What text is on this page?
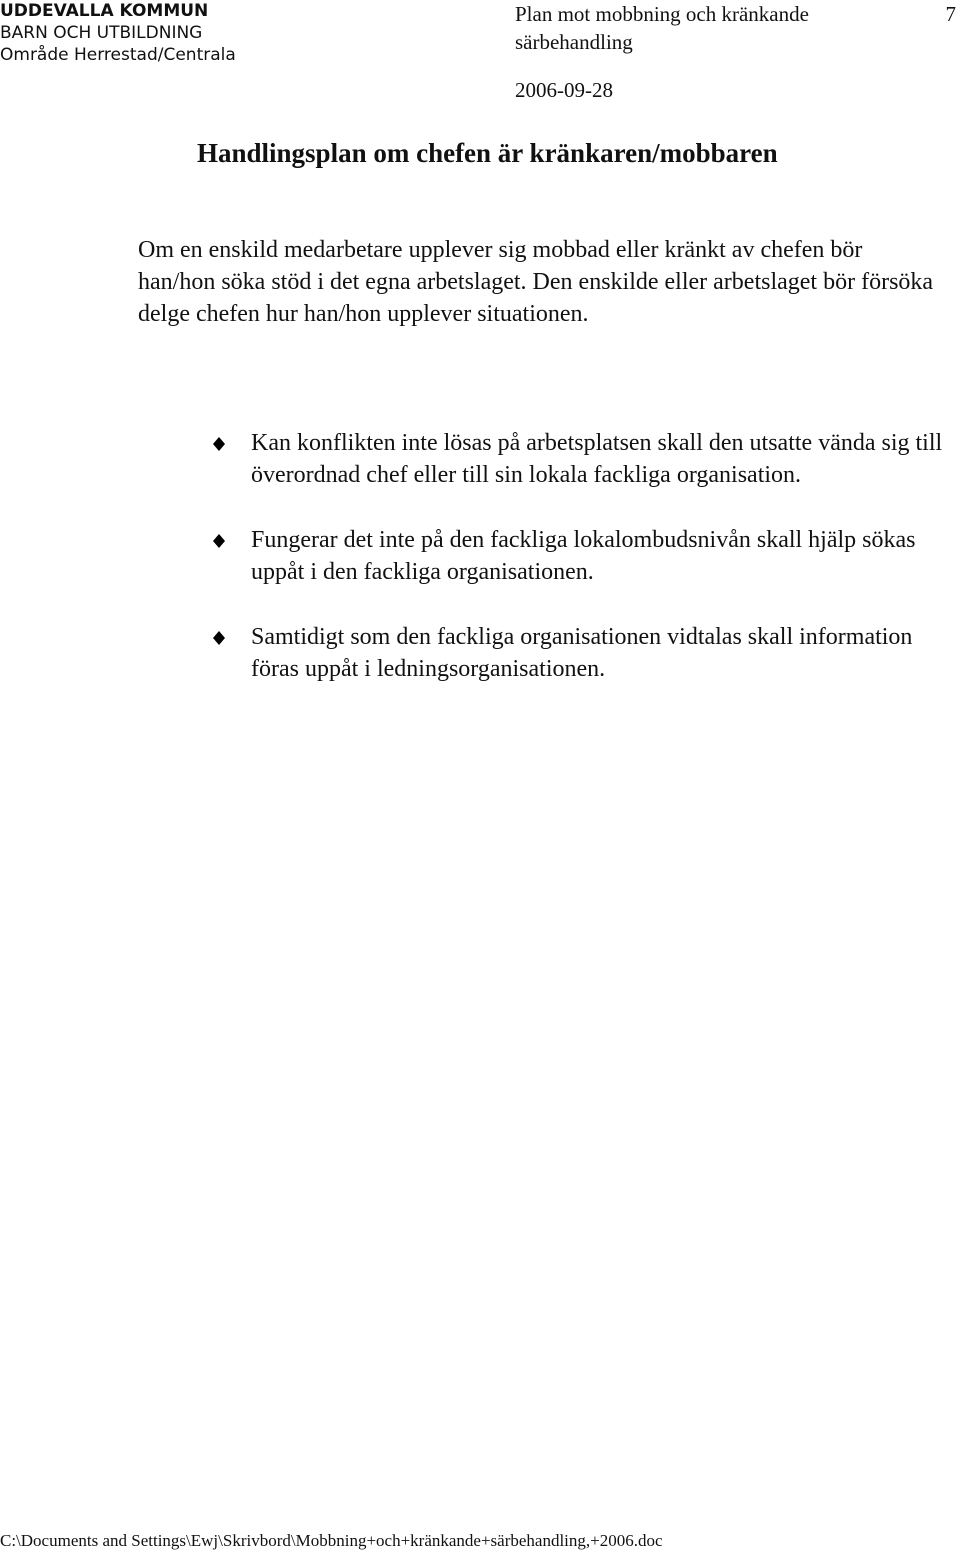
UDDEVALLA KOMMUN
BARN OCH UTBILDNING
Område Herrestad/Centrala
Plan mot mobbning och kränkande
särbehandling
2006-09-28
7
Handlingsplan om chefen är kränkaren/mobbaren

Om en enskild medarbetare upplever sig mobbad eller kränkt av chefen bör han/hon söka stöd i det egna arbetslaget. Den enskilde eller arbetslaget bör försöka delge chefen hur han/hon upplever situationen.

Kan konflikten inte lösas på arbetsplatsen skall den utsatte vända sig till överordnad chef eller till sin lokala fackliga organisation.
Fungerar det inte på den fackliga lokalombudsnivån skall hjälp sökas uppåt i den fackliga organisationen.
Samtidigt som den fackliga organisationen vidtalas skall information föras uppåt i ledningsorganisationen.
C:\Documents and Settings\Ewj\Skrivbord\Mobbning+och+kränkande+särbehandling,+2006.doc
